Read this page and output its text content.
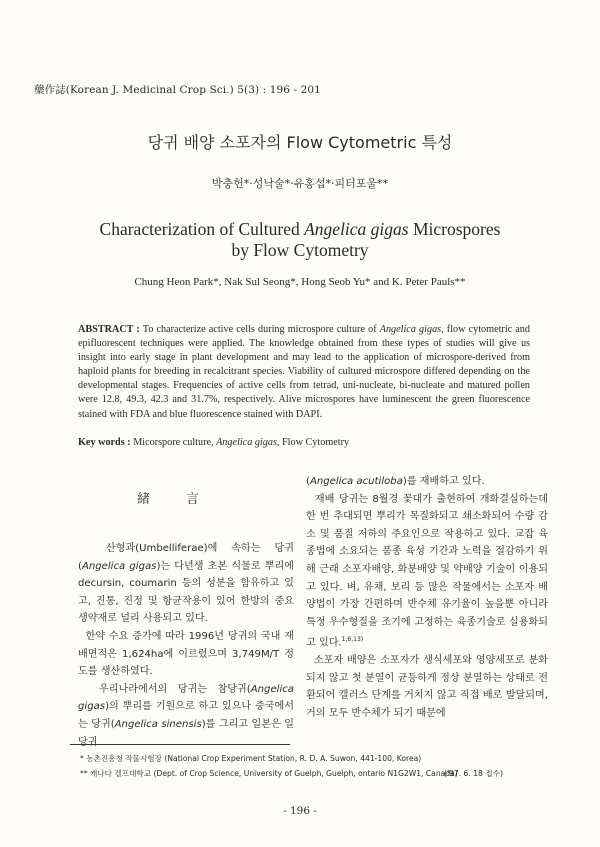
藥作誌(Korean J. Medicinal Crop Sci.) 5(3) : 196 - 201
당귀 배양 소포자의 Flow Cytometric 특성
박충헌*·성낙술*·유홍섭*·피터포울**
Characterization of Cultured Angelica gigas Microspores
by Flow Cytometry
Chung Heon Park*, Nak Sul Seong*, Hong Seob Yu* and K. Peter Pauls**
ABSTRACT : To characterize active cells during microspore culture of Angelica gigas, flow cytometric and epifluorescent techniques were applied. The knowledge obtained from these types of studies will give us insight into early stage in plant development and may lead to the application of microspore-derived from haploid plants for breeding in recalcitrant species. Viability of cultured microspore differed depending on the developmental stages. Frequencies of active cells from tetrad, uni-nucleate, bi-nucleate and matured pollen were 12.8, 49.3, 42.3 and 31.7%, respectively. Alive microspores have luminescent the green fluorescence stained with FDA and blue fluorescence stained with DAPI.
Key words : Micorspore culture, Angelica gigas, Flow Cytometry
緒言

산형과(Umbelliferae)에 속하는 당귀(Angelica gigas)는 다년생 초본 식물로 뿌리에 decursin, coumarin 등의 성분을 함유하고 있고, 진통, 진정 및 항균작용이 있어 한방의 중요 생약재로 널리 사용되고 있다.

한약 수요 증가에 따라 1996년 당귀의 국내 재배면적은 1,624ha에 이르렀으며 3,749M/T 정도를 생산하였다.

우리나라에서의 당귀는 참당귀(Angelica gigas)의 뿌리를 기원으로 하고 있으나 중국에서는 당귀(Angelica sinensis)를 그리고 일본은 일당귀

(Angelica acutiloba)를 재배하고 있다.

재배 당귀는 8월경 꽃대가 출현하여 개화결실하는데 한 번 추대되면 뿌리가 목질화되고 쇄소화되어 수량 감소 및 품질 저하의 주요인으로 작용하고 있다. 교잡 육종법에 소요되는 품종 육성 기간과 노력을 절감하기 위해 근래 소포자배양, 화분배양 및 약배양 기술이 이용되고 있다. 벼, 유채, 보리 등 많은 작물에서는 소포자 배양법이 가장 간편하며 반수체 유기율이 높을뿐 아니라 특정 우수형질을 조기에 고정하는 육종기술로 실용화되고 있다.$^{1,6,13)}$

소포자 배양은 소포자가 생식세포와 영양세포로 분화되지 않고 첫 분열이 균등하게 정상 분열하는 상태로 전환되어 캘러스 단계를 거치지 않고 직접 배로 발달되며, 거의 모두 반수체가 되기 때문에

* 농촌진흥청 작물시험장 (National Crop Experiment Station, R. D. A. Suwon, 441-100, Korea)
** 캐나다 겔프대학교 (Dept. of Crop Science, University of Guelph, Guelph, ontario N1G2W1, Canada)
('97. 6. 18 접수)
- 196 -
